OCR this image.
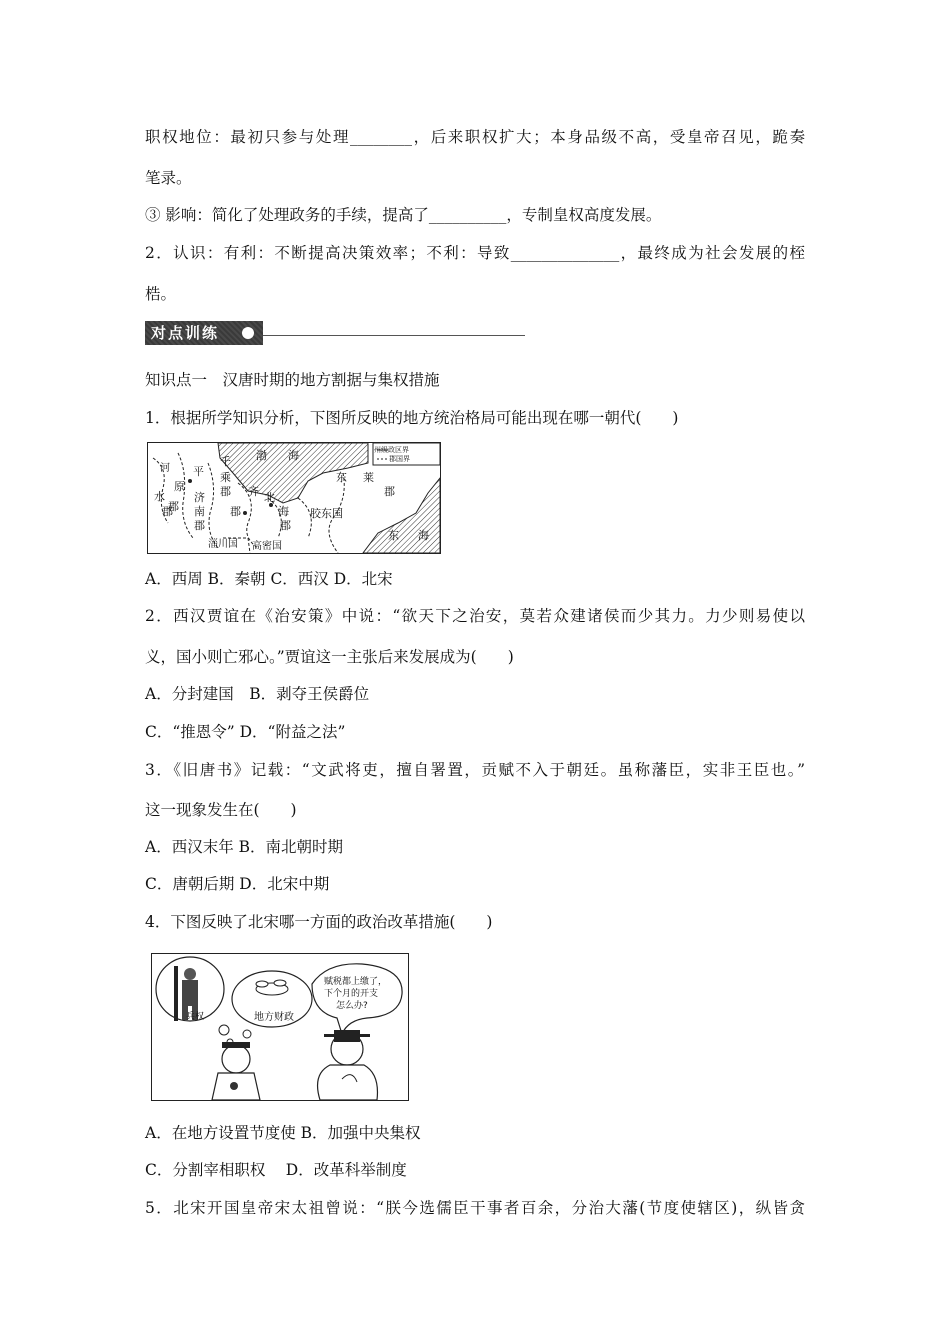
职权地位：最初只参与处理________，后来职权扩大；本身品级不高，受皇帝召见，跪奏
笔录。
③ 影响：简化了处理政务的手续，提高了__________，专制皇权高度发展。
2．认识：有利：不断提高决策效率；不利：导致______________，最终成为社会发展的桎
梏。
对点训练
知识点一　汉唐时期的地方割据与集权措施
1．根据所学知识分析，下图所反映的地方统治格局可能出现在哪一朝代(　　)
州级政区界
郡国界
渤 海
东 莱
郡
东 海
河 平
原
郡
千
乘
郡 齐
郡
北
海
郡
胶东国
济
南
郡
水
郡
淄川国 高密国
A．西周 B．秦朝 C．西汉 D．北宋
2．西汉贾谊在《治安策》中说：“欲天下之治安，莫若众建诸侯而少其力。力少则易使以
义，国小则亡邪心。”贾谊这一主张后来发展成为(　　)
A．分封建国　B．剥夺王侯爵位
C．“推恩令” D．“附益之法”
3．《旧唐书》记载：“文武将吏，擅自署置，贡赋不入于朝廷。虽称藩臣，实非王臣也。”
这一现象发生在(　　)
A．西汉末年 B．南北朝时期
C．唐朝后期 D．北宋中期
4．下图反映了北宋哪一方面的政治改革措施(　　)
兵权	地方财政
赋税都上缴了，
下个月的开支
怎么办?
A．在地方设置节度使 B．加强中央集权
C．分割宰相职权　 D．改革科举制度
5．北宋开国皇帝宋太祖曾说：“朕今选儒臣干事者百余，分治大藩(节度使辖区)，纵皆贪
